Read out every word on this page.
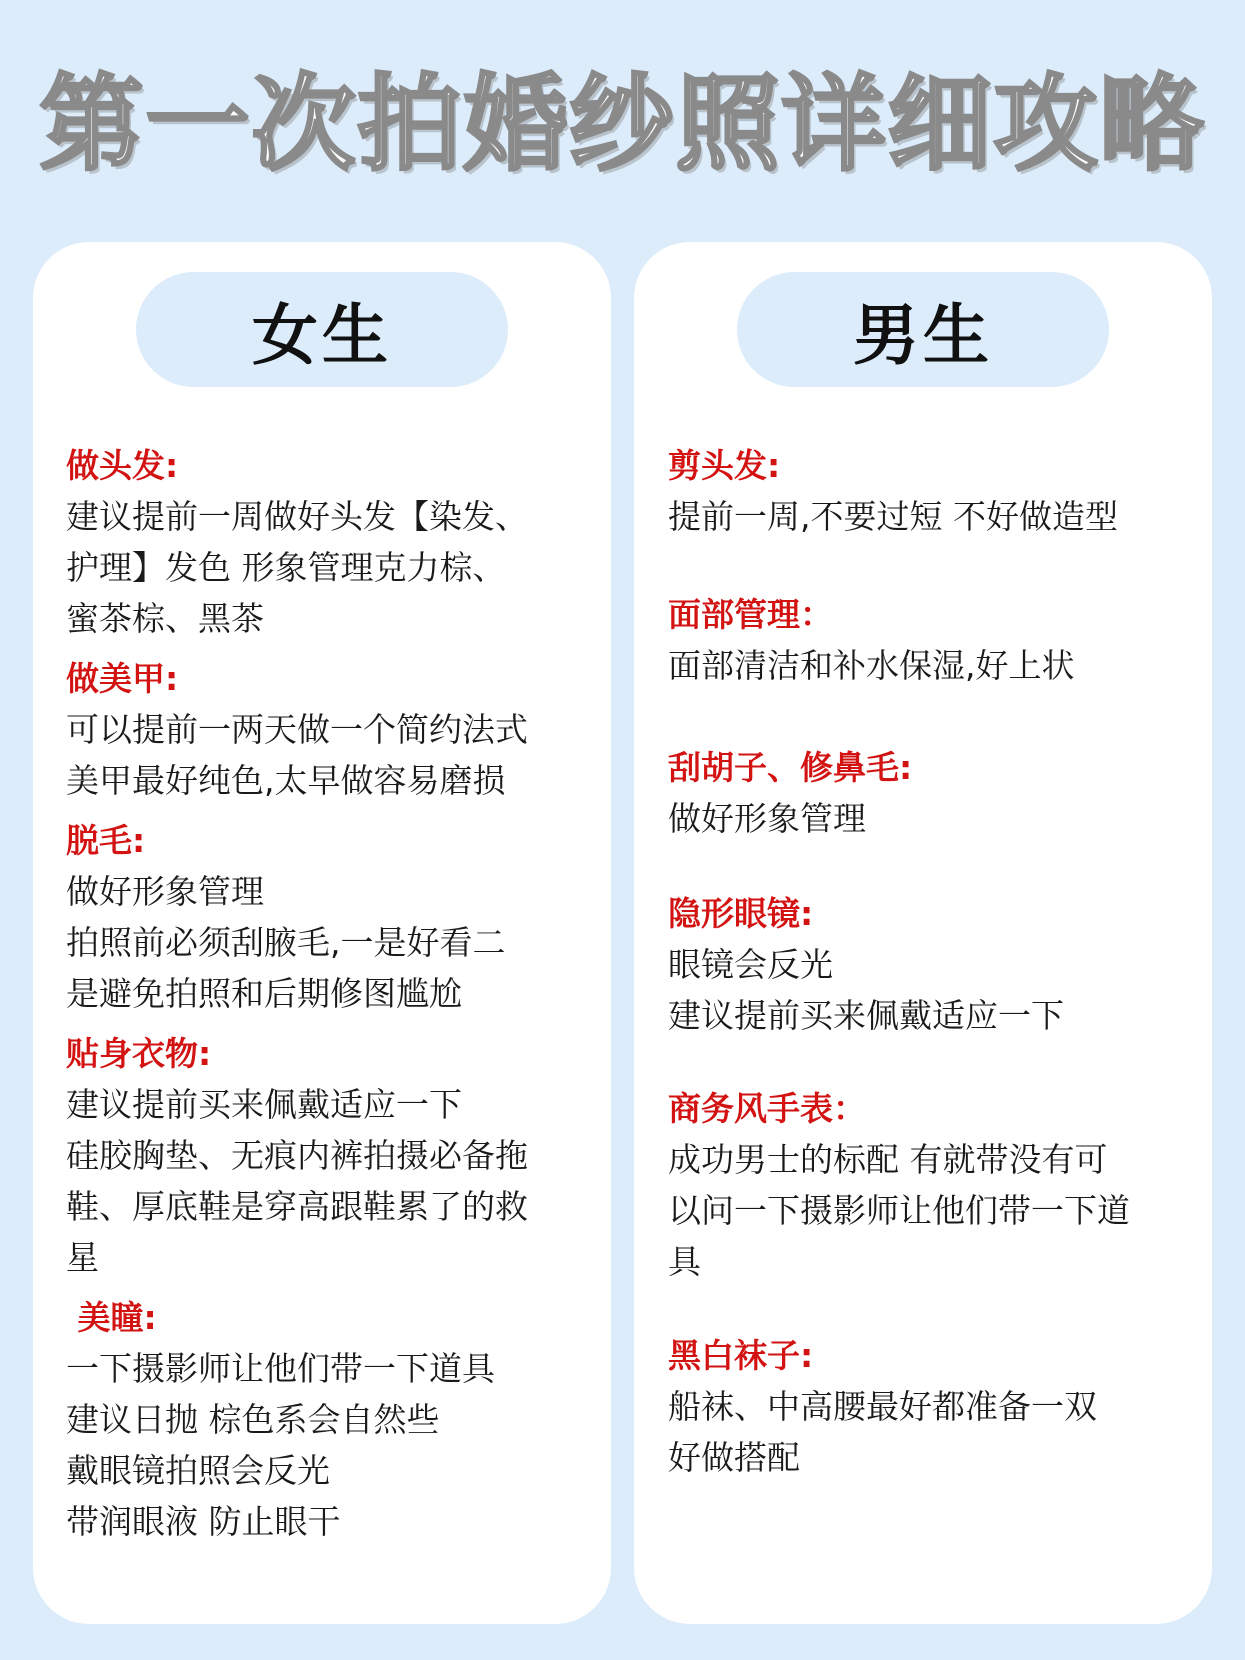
第一次拍婚纱照详细攻略
女生
做头发:
建议提前一周做好头发【染发、
护理】发色 形象管理克力棕、
蜜茶棕、黑茶
做美甲:
可以提前一两天做一个简约法式
美甲最好纯色,太早做容易磨损
脱毛:
做好形象管理
拍照前必须刮腋毛,一是好看二
是避免拍照和后期修图尴尬
贴身衣物:
建议提前买来佩戴适应一下
硅胶胸垫、无痕内裤拍摄必备拖
鞋、厚底鞋是穿高跟鞋累了的救
星
美瞳:
一下摄影师让他们带一下道具
建议日抛 棕色系会自然些
戴眼镜拍照会反光
带润眼液 防止眼干
男生
剪头发:
提前一周,不要过短 不好做造型
面部管理：
面部清洁和补水保湿,好上状
刮胡子、修鼻毛:
做好形象管理
隐形眼镜:
眼镜会反光
建议提前买来佩戴适应一下
商务风手表：
成功男士的标配 有就带没有可
以问一下摄影师让他们带一下道
具
黑白袜子:
船袜、中高腰最好都准备一双
好做搭配
